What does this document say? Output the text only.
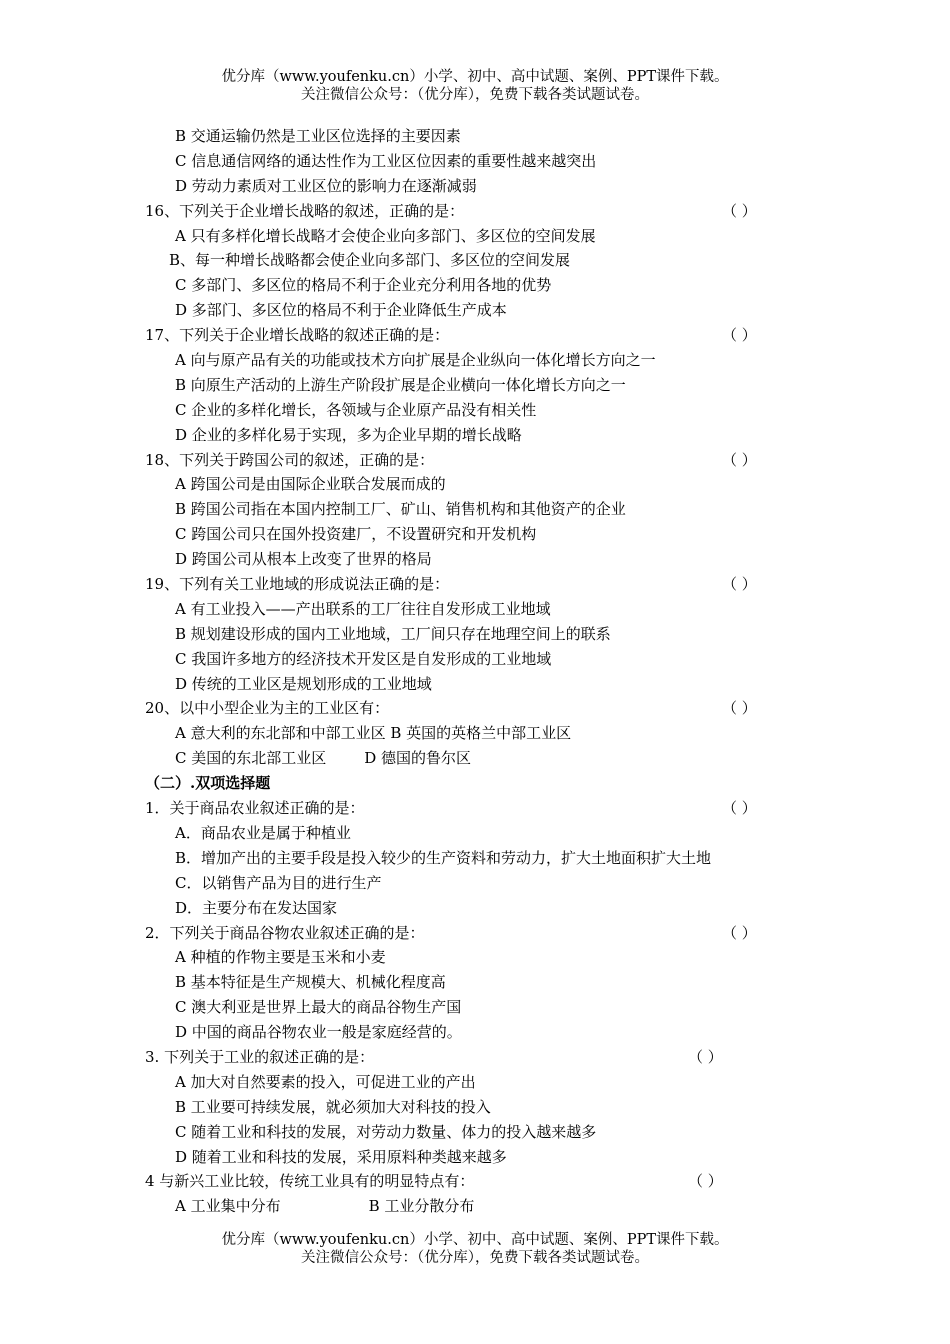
优分库（www.youfenku.cn）小学、初中、高中试题、案例、PPT课件下载。
关注微信公众号：（优分库），免费下载各类试题试卷。
B 交通运输仍然是工业区位选择的主要因素
C 信息通信网络的通达性作为工业区位因素的重要性越来越突出
D 劳动力素质对工业区位的影响力在逐渐减弱
16、下列关于企业增长战略的叙述，正确的是：	（ ）
A 只有多样化增长战略才会使企业向多部门、多区位的空间发展
B、每一种增长战略都会使企业向多部门、多区位的空间发展
C 多部门、多区位的格局不利于企业充分利用各地的优势
D 多部门、多区位的格局不利于企业降低生产成本
17、下列关于企业增长战略的叙述正确的是：	（ ）
A 向与原产品有关的功能或技术方向扩展是企业纵向一体化增长方向之一
B 向原生产活动的上游生产阶段扩展是企业横向一体化增长方向之一
C 企业的多样化增长，各领域与企业原产品没有相关性
D 企业的多样化易于实现，多为企业早期的增长战略
18、下列关于跨国公司的叙述，正确的是：	（ ）
A 跨国公司是由国际企业联合发展而成的
B 跨国公司指在本国内控制工厂、矿山、销售机构和其他资产的企业
C 跨国公司只在国外投资建厂，不设置研究和开发机构
D 跨国公司从根本上改变了世界的格局
19、下列有关工业地域的形成说法正确的是：	（ ）
A 有工业投入——产出联系的工厂往往自发形成工业地域
B 规划建设形成的国内工业地域，工厂间只存在地理空间上的联系
C 我国许多地方的经济技术开发区是自发形成的工业地域
D 传统的工业区是规划形成的工业地域
20、以中小型企业为主的工业区有：	（ ）
A 意大利的东北部和中部工业区 B 英国的英格兰中部工业区
C 美国的东北部工业区	D 德国的鲁尔区
（二）.双项选择题
1．关于商品农业叙述正确的是：	（ ）
A．商品农业是属于种植业
B．增加产出的主要手段是投入较少的生产资料和劳动力，扩大土地面积扩大土地
C．以销售产品为目的进行生产
D．主要分布在发达国家
2．下列关于商品谷物农业叙述正确的是：	（ ）
A 种植的作物主要是玉米和小麦
B 基本特征是生产规模大、机械化程度高
C 澳大利亚是世界上最大的商品谷物生产国
D 中国的商品谷物农业一般是家庭经营的。
3. 下列关于工业的叙述正确的是：	（ ）
A 加大对自然要素的投入，可促进工业的产出
B 工业要可持续发展，就必须加大对科技的投入
C 随着工业和科技的发展，对劳动力数量、体力的投入越来越多
D 随着工业和科技的发展，采用原料种类越来越多
4 与新兴工业比较，传统工业具有的明显特点有：	（ ）
A 工业集中分布	B 工业分散分布
优分库（www.youfenku.cn）小学、初中、高中试题、案例、PPT课件下载。
关注微信公众号：（优分库），免费下载各类试题试卷。
